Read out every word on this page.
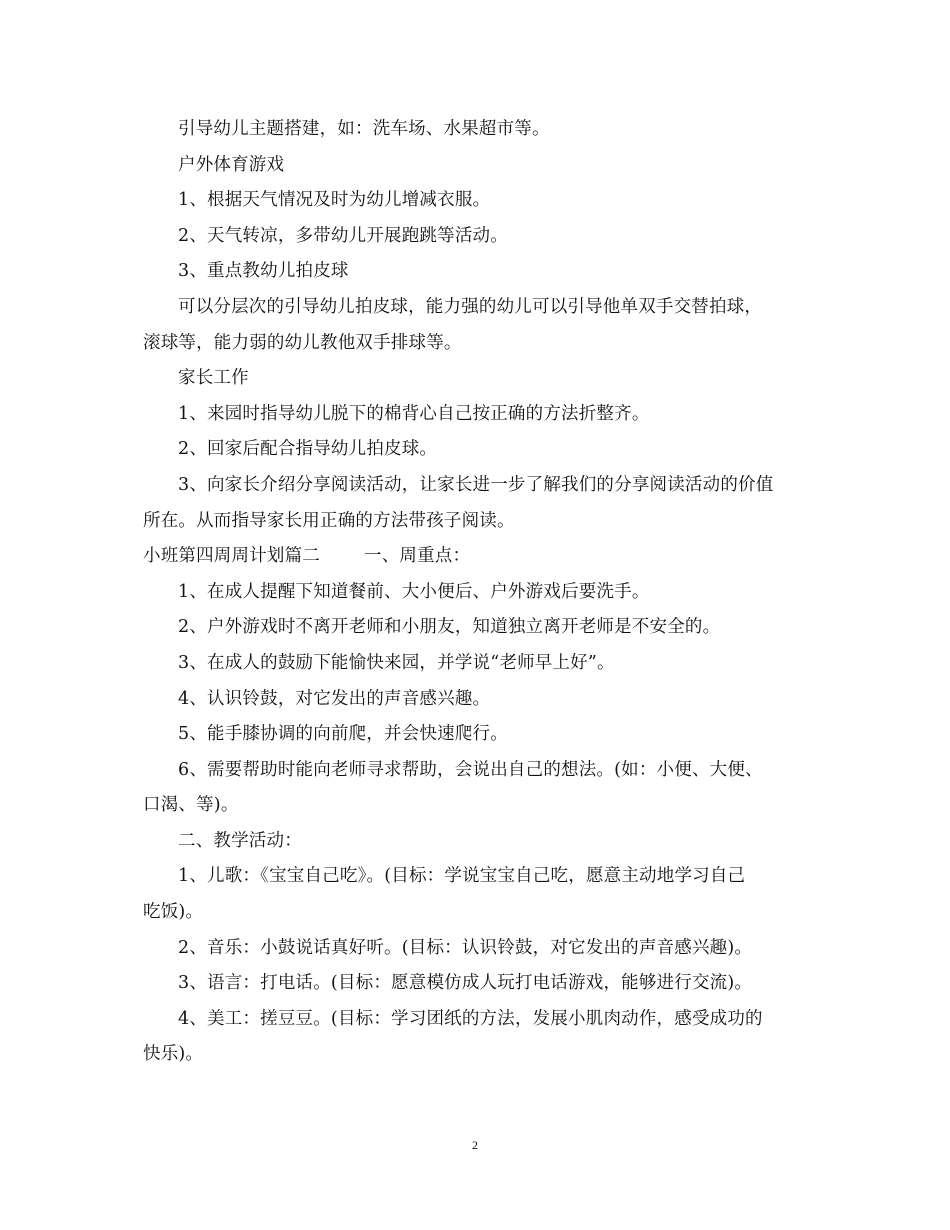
引导幼儿主题搭建，如：洗车场、水果超市等。
户外体育游戏
1、根据天气情况及时为幼儿增减衣服。
2、天气转凉，多带幼儿开展跑跳等活动。
3、重点教幼儿拍皮球
可以分层次的引导幼儿拍皮球，能力强的幼儿可以引导他单双手交替拍球，
滚球等，能力弱的幼儿教他双手排球等。
家长工作
1、来园时指导幼儿脱下的棉背心自己按正确的方法折整齐。
2、回家后配合指导幼儿拍皮球。
3、向家长介绍分享阅读活动，让家长进一步了解我们的分享阅读活动的价值
所在。从而指导家长用正确的方法带孩子阅读。
小班第四周周计划篇二	一、周重点：
1、在成人提醒下知道餐前、大小便后、户外游戏后要洗手。
2、户外游戏时不离开老师和小朋友，知道独立离开老师是不安全的。
3、在成人的鼓励下能愉快来园，并学说“老师早上好”。
4、认识铃鼓，对它发出的声音感兴趣。
5、能手膝协调的向前爬，并会快速爬行。
6、需要帮助时能向老师寻求帮助，会说出自己的想法。(如：小便、大便、
口渴、等)。
二、教学活动：
1、儿歌：《宝宝自己吃》。(目标：学说宝宝自己吃，愿意主动地学习自己
吃饭)。
2、音乐：小鼓说话真好听。(目标：认识铃鼓，对它发出的声音感兴趣)。
3、语言：打电话。(目标：愿意模仿成人玩打电话游戏，能够进行交流)。
4、美工：搓豆豆。(目标：学习团纸的方法，发展小肌肉动作，感受成功的
快乐)。
2
